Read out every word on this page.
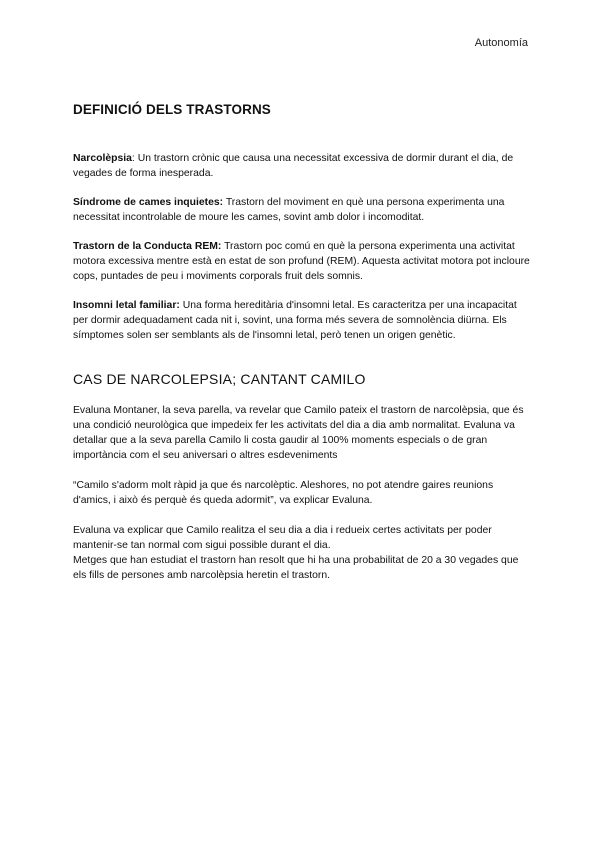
Autonomía
DEFINICIÓ DELS TRASTORNS

Narcolèpsia: Un trastorn crònic que causa una necessitat excessiva de dormir durant el dia, de vegades de forma inesperada.

Síndrome de cames inquietes: Trastorn del moviment en què una persona experimenta una necessitat incontrolable de moure les cames, sovint amb dolor i incomoditat.

Trastorn de la Conducta REM: Trastorn poc comú en què la persona experimenta una activitat motora excessiva mentre està en estat de son profund (REM). Aquesta activitat motora pot incloure cops, puntades de peu i moviments corporals fruit dels somnis.

Insomni letal familiar: Una forma hereditària d'insomni letal. Es caracteritza per una incapacitat per dormir adequadament cada nit i, sovint, una forma més severa de somnolència diürna. Els símptomes solen ser semblants als de l'insomni letal, però tenen un origen genètic.

CAS DE NARCOLEPSIA; CANTANT CAMILO

Evaluna Montaner, la seva parella, va revelar que Camilo pateix el trastorn de narcolèpsia, que és una condició neurològica que impedeix fer les activitats del dia a dia amb normalitat. Evaluna va detallar que a la seva parella Camilo li costa gaudir al 100% moments especials o de gran importància com el seu aniversari o altres esdeveniments

“Camilo s'adorm molt ràpid ja que és narcolèptic. Aleshores, no pot atendre gaires reunions d'amics, i això és perquè és queda adormit”, va explicar Evaluna.

Evaluna va explicar que Camilo realitza el seu dia a dia i redueix certes activitats per poder mantenir-se tan normal com sigui possible durant el dia.

Metges que han estudiat el trastorn han resolt que hi ha una probabilitat de 20 a 30 vegades que els fills de persones amb narcolèpsia heretin el trastorn.
